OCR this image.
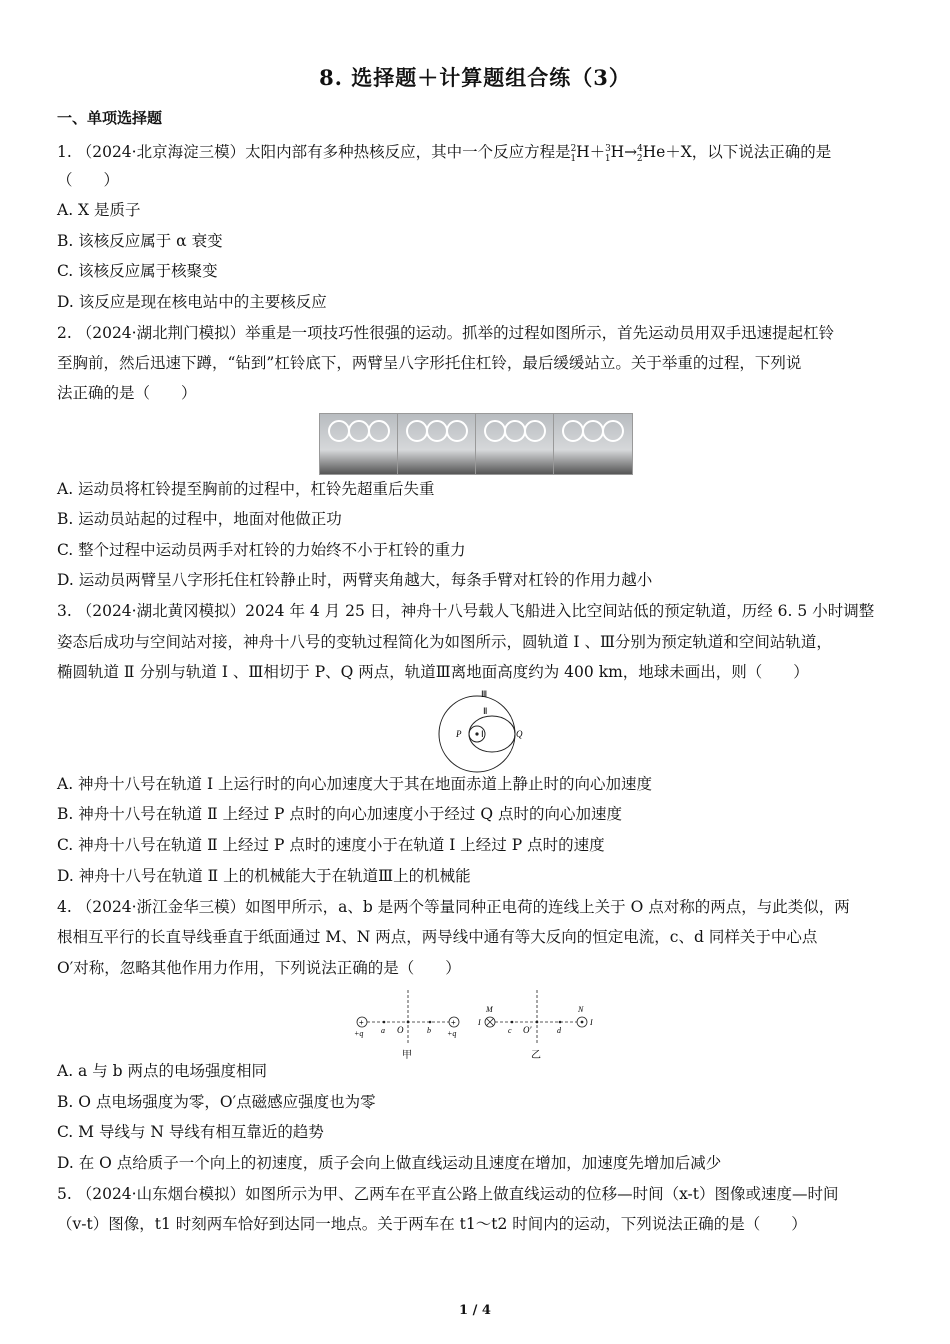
8. 选择题＋计算题组合练（3）
一、单项选择题
1. （2024·北京海淀三模）太阳内部有多种热核反应，其中一个反应方程是$^2_1$H＋$^3_1$H→$^4_2$He＋X，以下说法正确的是
（　　）
A. X 是质子
B. 该核反应属于 α 衰变
C. 该核反应属于核聚变
D. 该反应是现在核电站中的主要核反应
2. （2024·湖北荆门模拟）举重是一项技巧性很强的运动。抓举的过程如图所示，首先运动员用双手迅速提起杠铃
至胸前，然后迅速下蹲，“钻到”杠铃底下，两臂呈八字形托住杠铃，最后缓缓站立。关于举重的过程，下列说
法正确的是（　　）
A. 运动员将杠铃提至胸前的过程中，杠铃先超重后失重
B. 运动员站起的过程中，地面对他做正功
C. 整个过程中运动员两手对杠铃的力始终不小于杠铃的重力
D. 运动员两臂呈八字形托住杠铃静止时，两臂夹角越大，每条手臂对杠铃的作用力越小
3. （2024·湖北黄冈模拟）2024 年 4 月 25 日，神舟十八号载人飞船进入比空间站低的预定轨道，历经 6. 5 小时调整
姿态后成功与空间站对接，神舟十八号的变轨过程简化为如图所示，圆轨道 Ⅰ 、Ⅲ分别为预定轨道和空间站轨道，
椭圆轨道 Ⅱ 分别与轨道 Ⅰ 、Ⅲ相切于 P、Q 两点，轨道Ⅲ离地面高度约为 400 km，地球未画出，则（　　）
Ⅲ
Ⅱ
P Ⅰ	Q
A. 神舟十八号在轨道 Ⅰ 上运行时的向心加速度大于其在地面赤道上静止时的向心加速度
B. 神舟十八号在轨道 Ⅱ 上经过 P 点时的向心加速度小于经过 Q 点时的向心加速度
C. 神舟十八号在轨道 Ⅱ 上经过 P 点时的速度小于在轨道 Ⅰ 上经过 P 点时的速度
D. 神舟十八号在轨道 Ⅱ 上的机械能大于在轨道Ⅲ上的机械能
4. （2024·浙江金华三模）如图甲所示，a、b 是两个等量同种正电荷的连线上关于 O 点对称的两点，与此类似，两
根相互平行的长直导线垂直于纸面通过 M、N 两点，两导线中通有等大反向的恒定电流，c、d 同样关于中心点
O′对称，忽略其他作用力作用，下列说法正确的是（　　）
+	+
+q a O	b +q
甲
M
I
c O′	d
N
I
乙
A. a 与 b 两点的电场强度相同
B. O 点电场强度为零，O′点磁感应强度也为零
C. M 导线与 N 导线有相互靠近的趋势
D. 在 O 点给质子一个向上的初速度，质子会向上做直线运动且速度在增加，加速度先增加后减少
5. （2024·山东烟台模拟）如图所示为甲、乙两车在平直公路上做直线运动的位移—时间（x-t）图像或速度—时间
（v-t）图像，t1 时刻两车恰好到达同一地点。关于两车在 t1～t2 时间内的运动，下列说法正确的是（　　）
1 / 4
